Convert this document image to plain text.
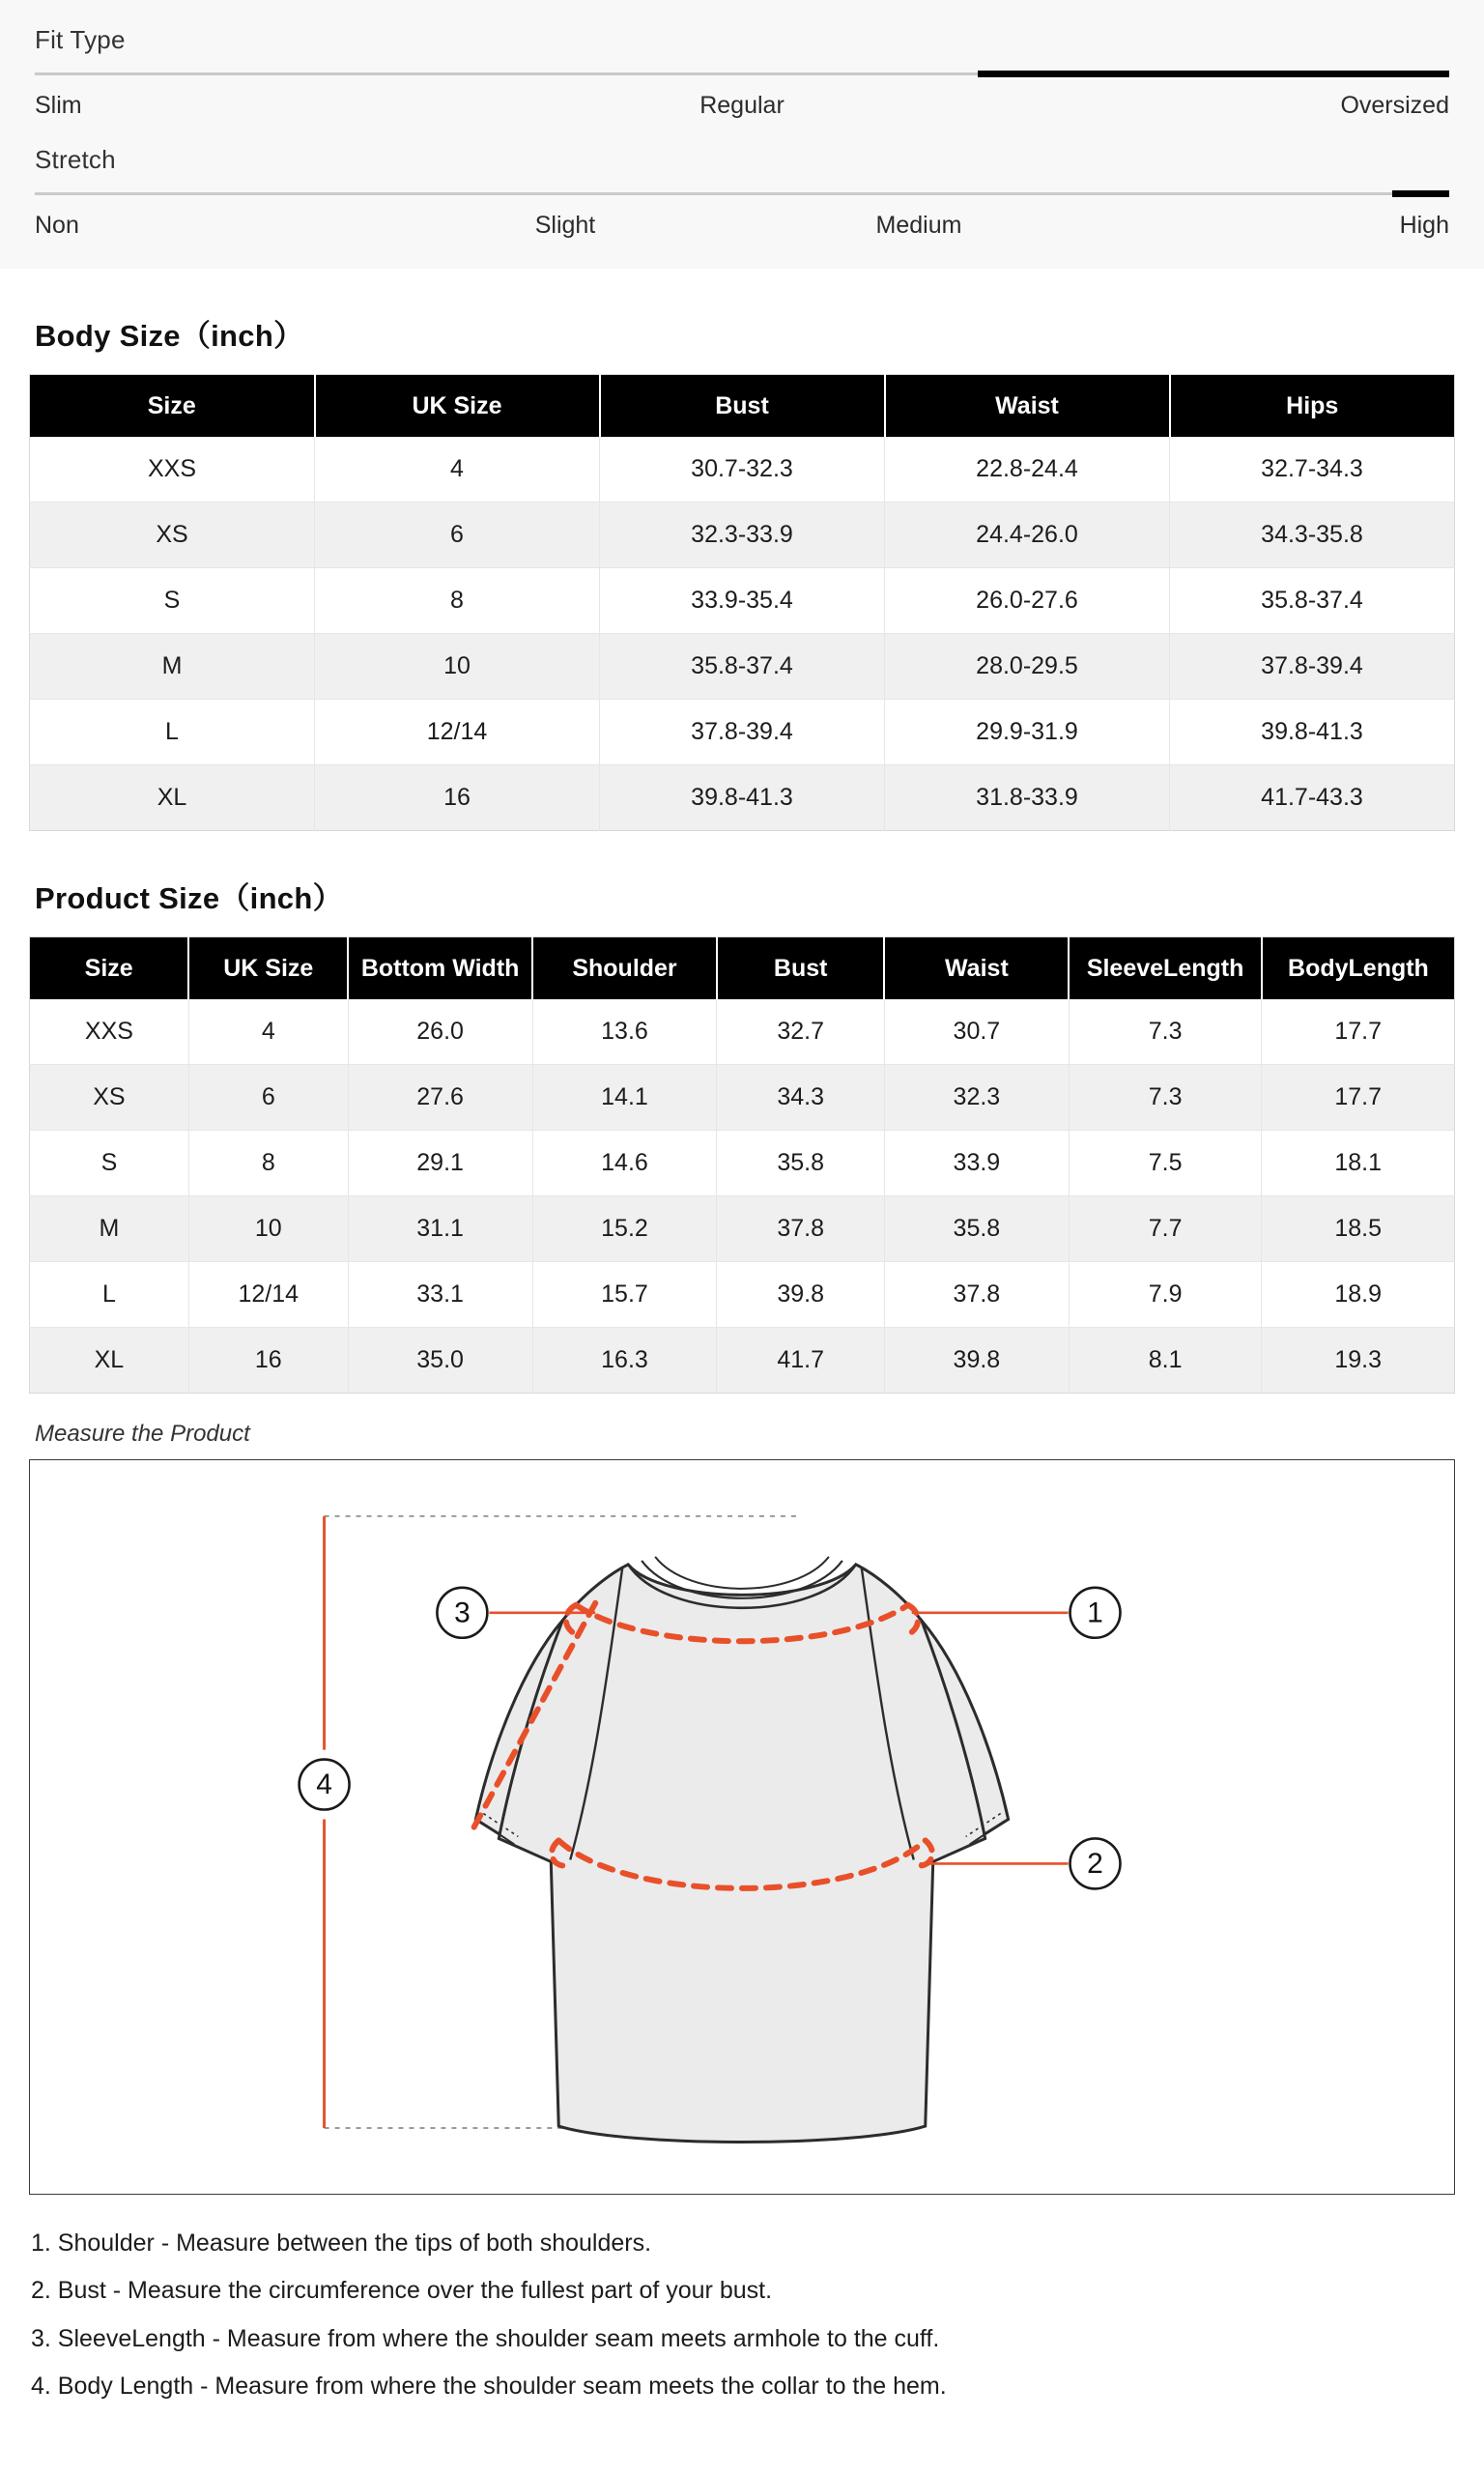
Fit Type
Slim	Regular	Oversized
Stretch
Non	Slight	Medium	High
Body Size（inch）
Size	UK Size	Bust	Waist	Hips
XXS	4	30.7-32.3	22.8-24.4	32.7-34.3
XS	6	32.3-33.9	24.4-26.0	34.3-35.8
S	8	33.9-35.4	26.0-27.6	35.8-37.4
M	10	35.8-37.4	28.0-29.5	37.8-39.4
L	12/14	37.8-39.4	29.9-31.9	39.8-41.3
XL	16	39.8-41.3	31.8-33.9	41.7-43.3
Product Size（inch）
Size	UK Size	Bottom Width	Shoulder	Bust	Waist	SleeveLength	BodyLength
XXS	4	26.0	13.6	32.7	30.7	7.3	17.7
XS	6	27.6	14.1	34.3	32.3	7.3	17.7
S	8	29.1	14.6	35.8	33.9	7.5	18.1
M	10	31.1	15.2	37.8	35.8	7.7	18.5
L	12/14	33.1	15.7	39.8	37.8	7.9	18.9
XL	16	35.0	16.3	41.7	39.8	8.1	19.3
Measure the Product
1
2
3
4
1. Shoulder - Measure between the tips of both shoulders.
2. Bust - Measure the circumference over the fullest part of your bust.
3. SleeveLength - Measure from where the shoulder seam meets armhole to the cuff.
4. Body Length - Measure from where the shoulder seam meets the collar to the hem.
